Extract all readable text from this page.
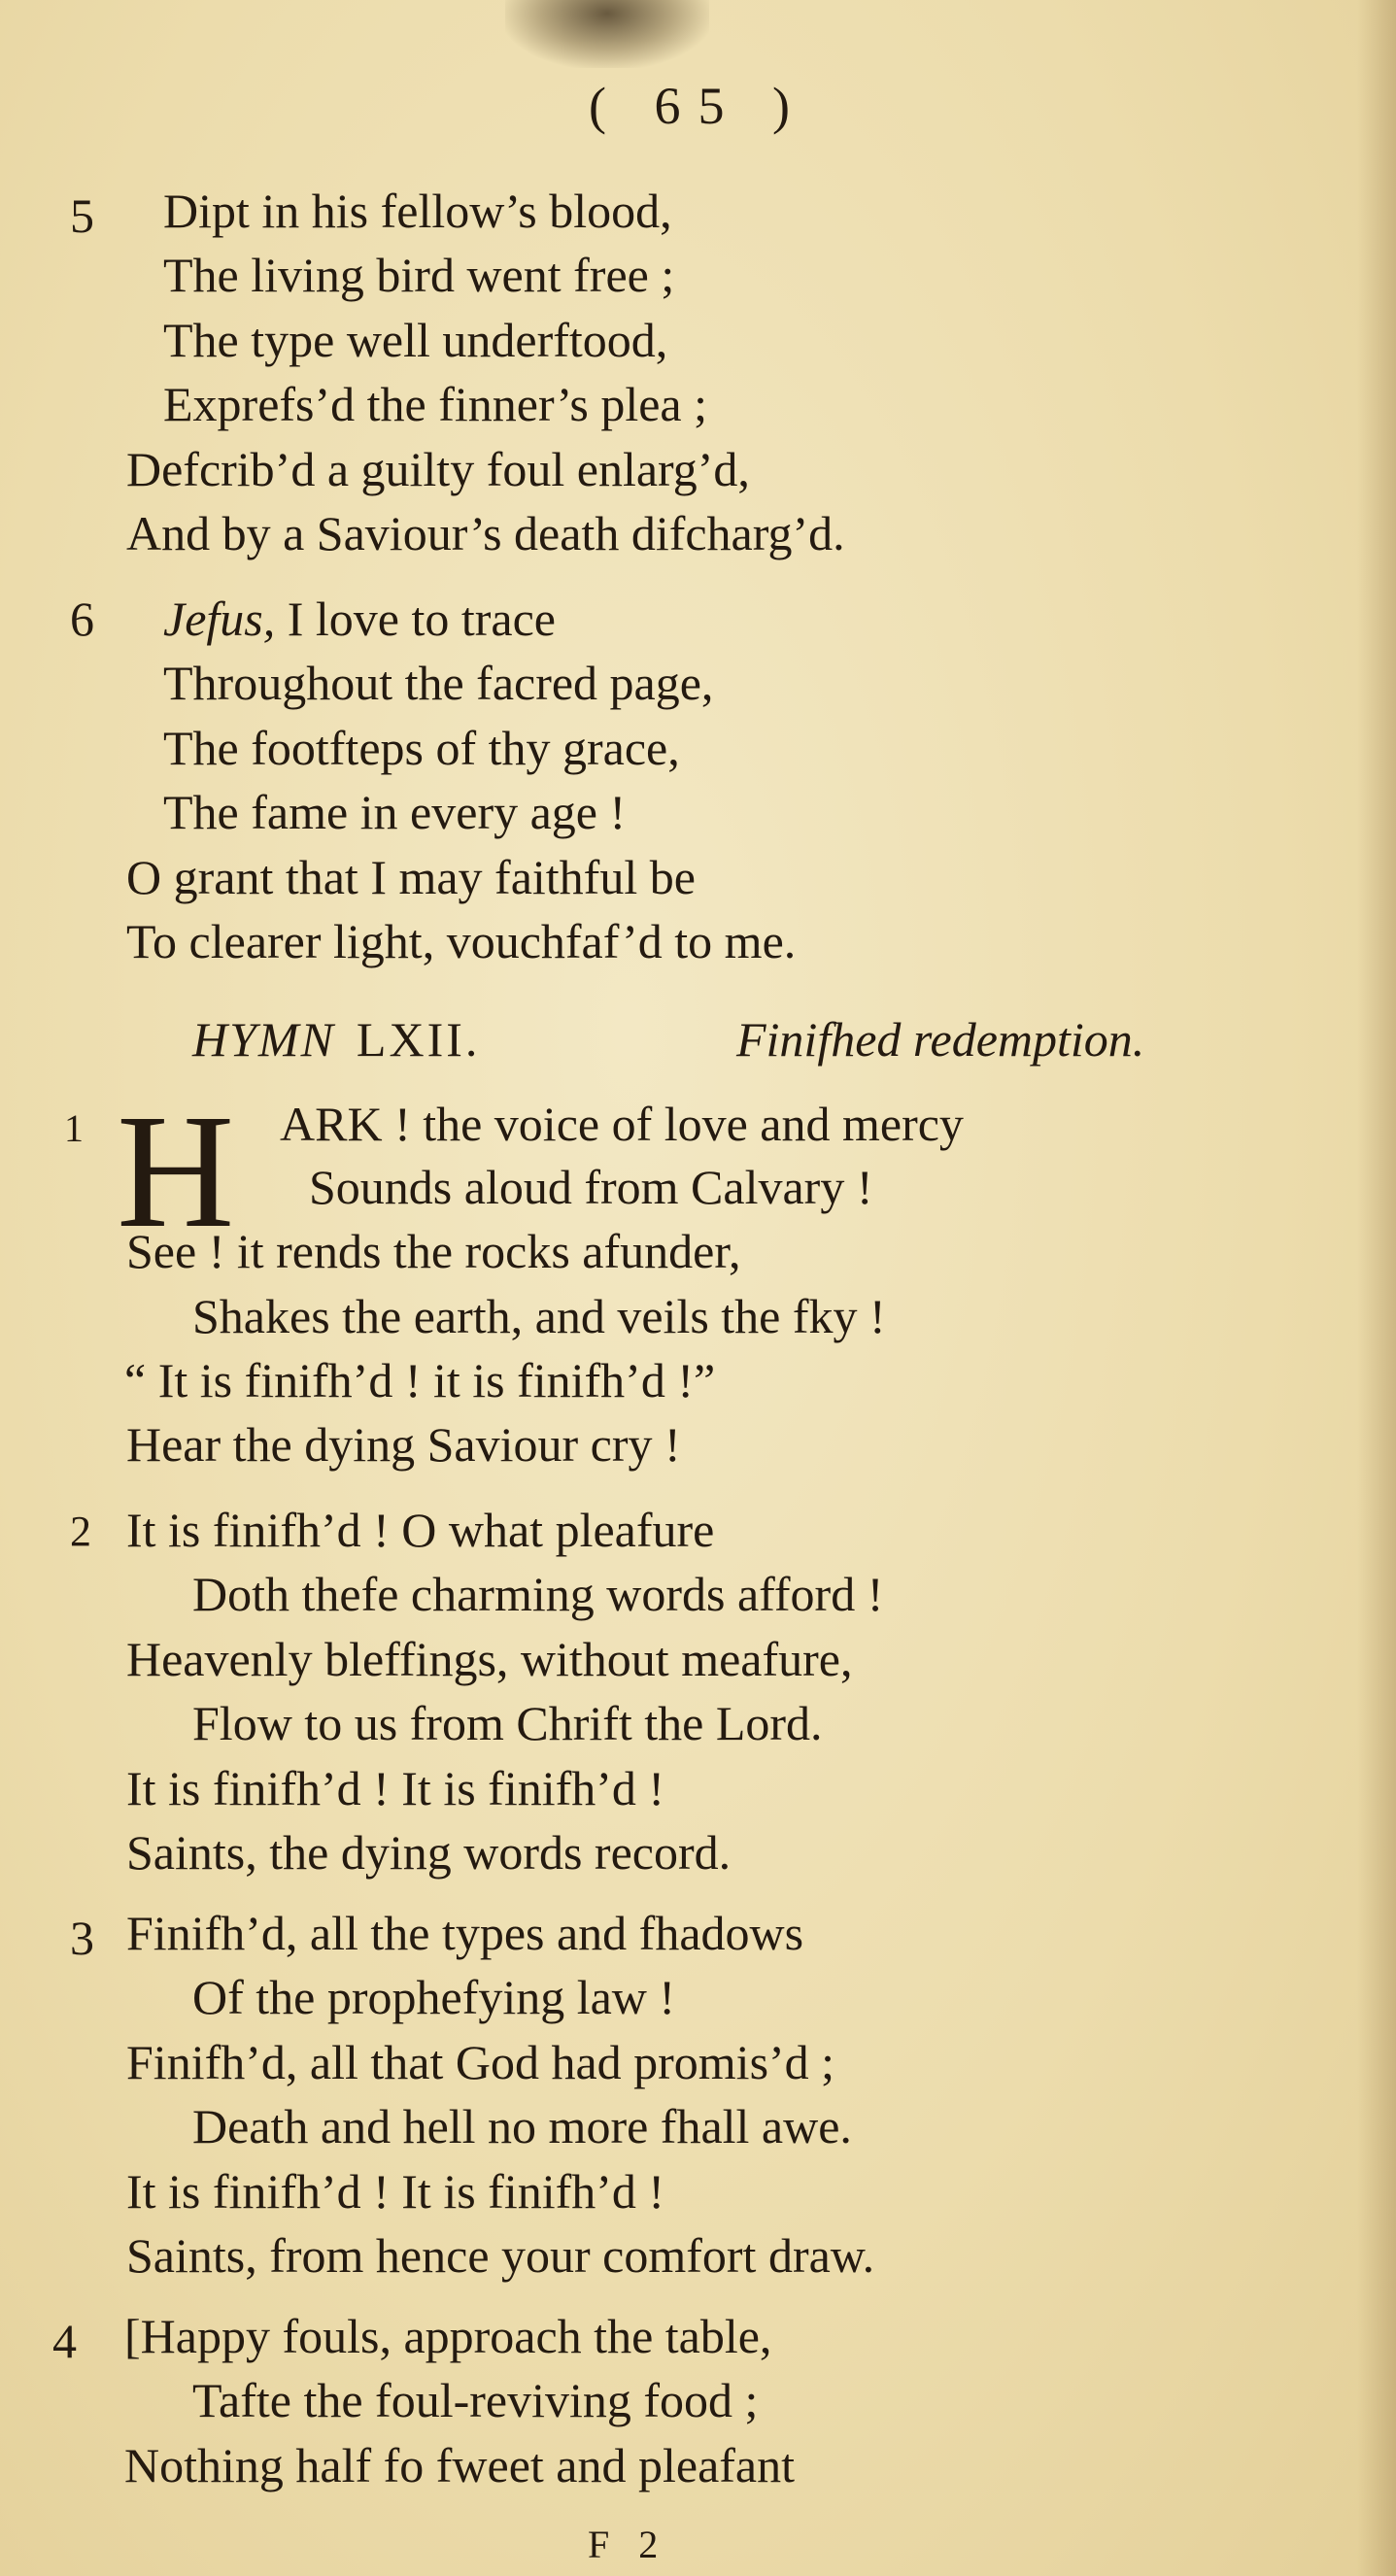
( 65 )
5 Dipt in his fellow’s blood,
The living bird went free ;
The type well underftood,
Exprefs’d the finner’s plea ;
Defcrib’d a guilty foul enlarg’d,
And by a Saviour’s death difcharg’d.
6 Jefus, I love to trace
Throughout the facred page,
The footfteps of thy grace,
The fame in every age !
O grant that I may faithful be
To clearer light, vouchfaf’d to me.
HYMN LXII.	Finifhed redemption.
1 H ARK ! the voice of love and mercy
Sounds aloud from Calvary !
See ! it rends the rocks afunder,
Shakes the earth, and veils the fky !
“ It is finifh’d ! it is finifh’d !”
Hear the dying Saviour cry !
2 It is finifh’d ! O what pleafure
Doth thefe charming words afford !
Heavenly bleffings, without meafure,
Flow to us from Chrift the Lord.
It is finifh’d ! It is finifh’d !
Saints, the dying words record.
3 Finifh’d, all the types and fhadows
Of the prophefying law !
Finifh’d, all that God had promis’d ;
Death and hell no more fhall awe.
It is finifh’d ! It is finifh’d !
Saints, from hence your comfort draw.
4 [Happy fouls, approach the table,
Tafte the foul-reviving food ;
Nothing half fo fweet and pleafant
F 2
